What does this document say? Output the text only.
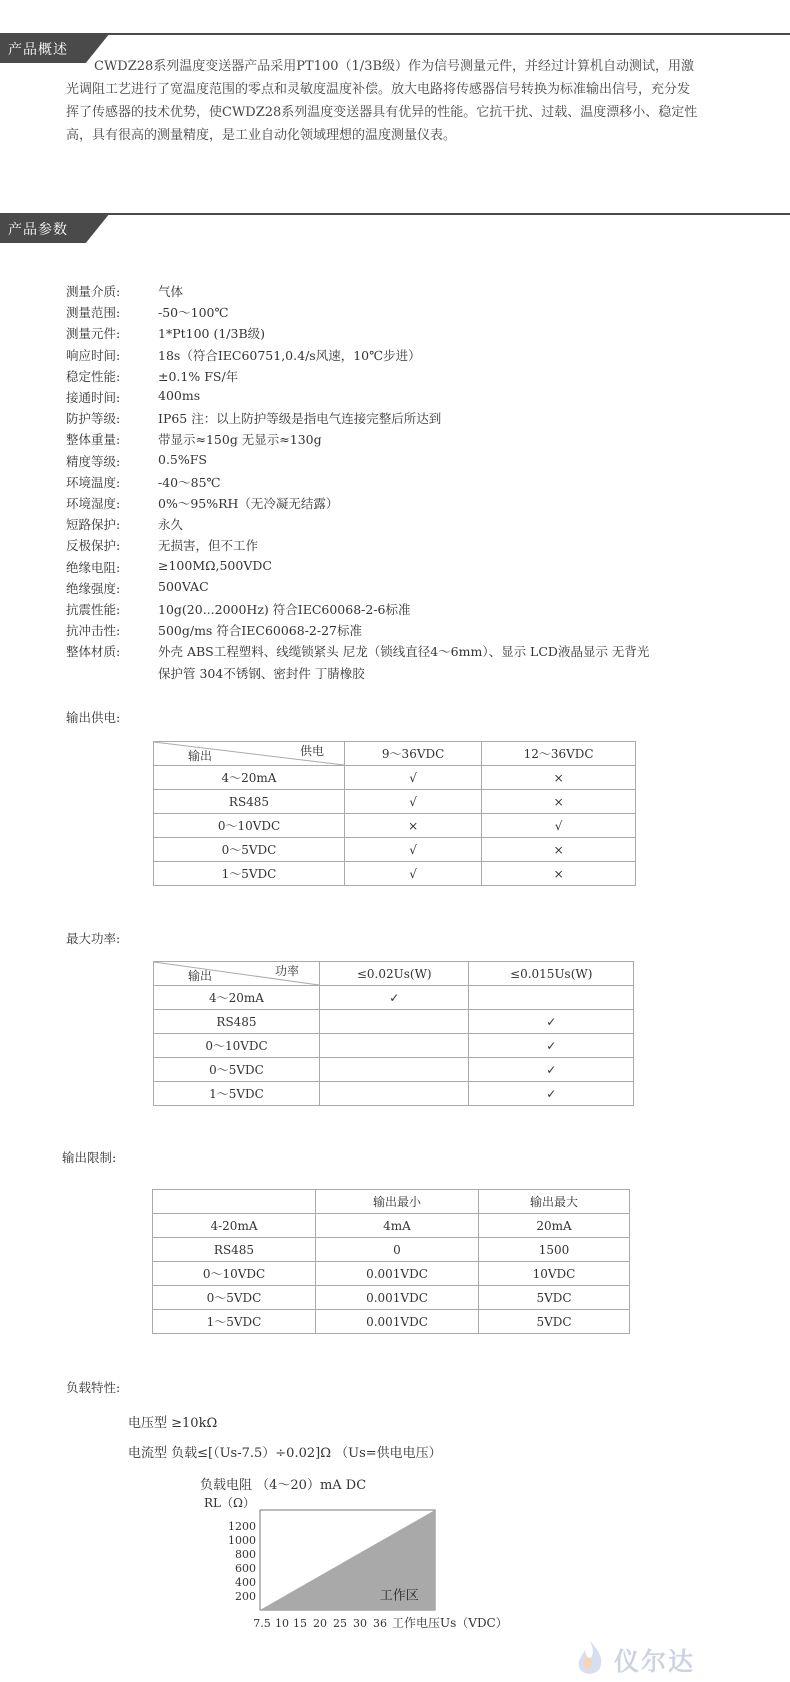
产品概述
CWDZ28系列温度变送器产品采用PT100（1/3B级）作为信号测量元件，并经过计算机自动测试，用激光调阻工艺进行了宽温度范围的零点和灵敏度温度补偿。放大电路将传感器信号转换为标准输出信号，充分发挥了传感器的技术优势，使CWDZ28系列温度变送器具有优异的性能。它抗干扰、过载、温度漂移小、稳定性高，具有很高的测量精度，是工业自动化领域理想的温度测量仪表。
产品参数
测量介质:	气体
测量范围:	-50～100℃
测量元件:	1*Pt100 (1/3B级)
响应时间:	18s（符合IEC60751,0.4/s风速，10℃步进）
稳定性能:	±0.1% FS/年
接通时间:	400ms
防护等级:	IP65 注：以上防护等级是指电气连接完整后所达到
整体重量:	带显示≈150g 无显示≈130g
精度等级:	0.5%FS
环境温度:	-40～85℃
环境湿度:	0%～95%RH（无冷凝无结露）
短路保护:	永久
反极保护:	无损害，但不工作
绝缘电阻:	≥100MΩ,500VDC
绝缘强度:	500VAC
抗震性能:	10g(20...2000Hz) 符合IEC60068-2-6标准
抗冲击性:	500g/ms 符合IEC60068-2-27标准
整体材质:	外壳 ABS工程塑料、线缆锁紧头 尼龙（锁线直径4～6mm）、显示 LCD液晶显示 无背光
保护管 304不锈钢、密封件 丁腈橡胶
输出供电:
供电
输出	9～36VDC	12～36VDC
4～20mA	√	×
RS485	√	×
0～10VDC	×	√
0～5VDC	√	×
1～5VDC	√	×
最大功率:
功率
输出	≤0.02Us(W)	≤0.015Us(W)
4～20mA	✓	
RS485		✓
0～10VDC		✓
0～5VDC		✓
1～5VDC		✓
输出限制:
	输出最小	输出最大
4-20mA	4mA	20mA
RS485	0	1500
0～10VDC	0.001VDC	10VDC
0～5VDC	0.001VDC	5VDC
1～5VDC	0.001VDC	5VDC
负载特性:
电压型 ≥10kΩ
电流型 负载≤[（Us-7.5）÷0.02]Ω （Us=供电电压）
负载电阻 （4～20）mA DC
RL（Ω）
工作区
1200
1000
800
600
400
200
7.5 10 15 20 25 30 36 工作电压Us（VDC）
仪尔达
